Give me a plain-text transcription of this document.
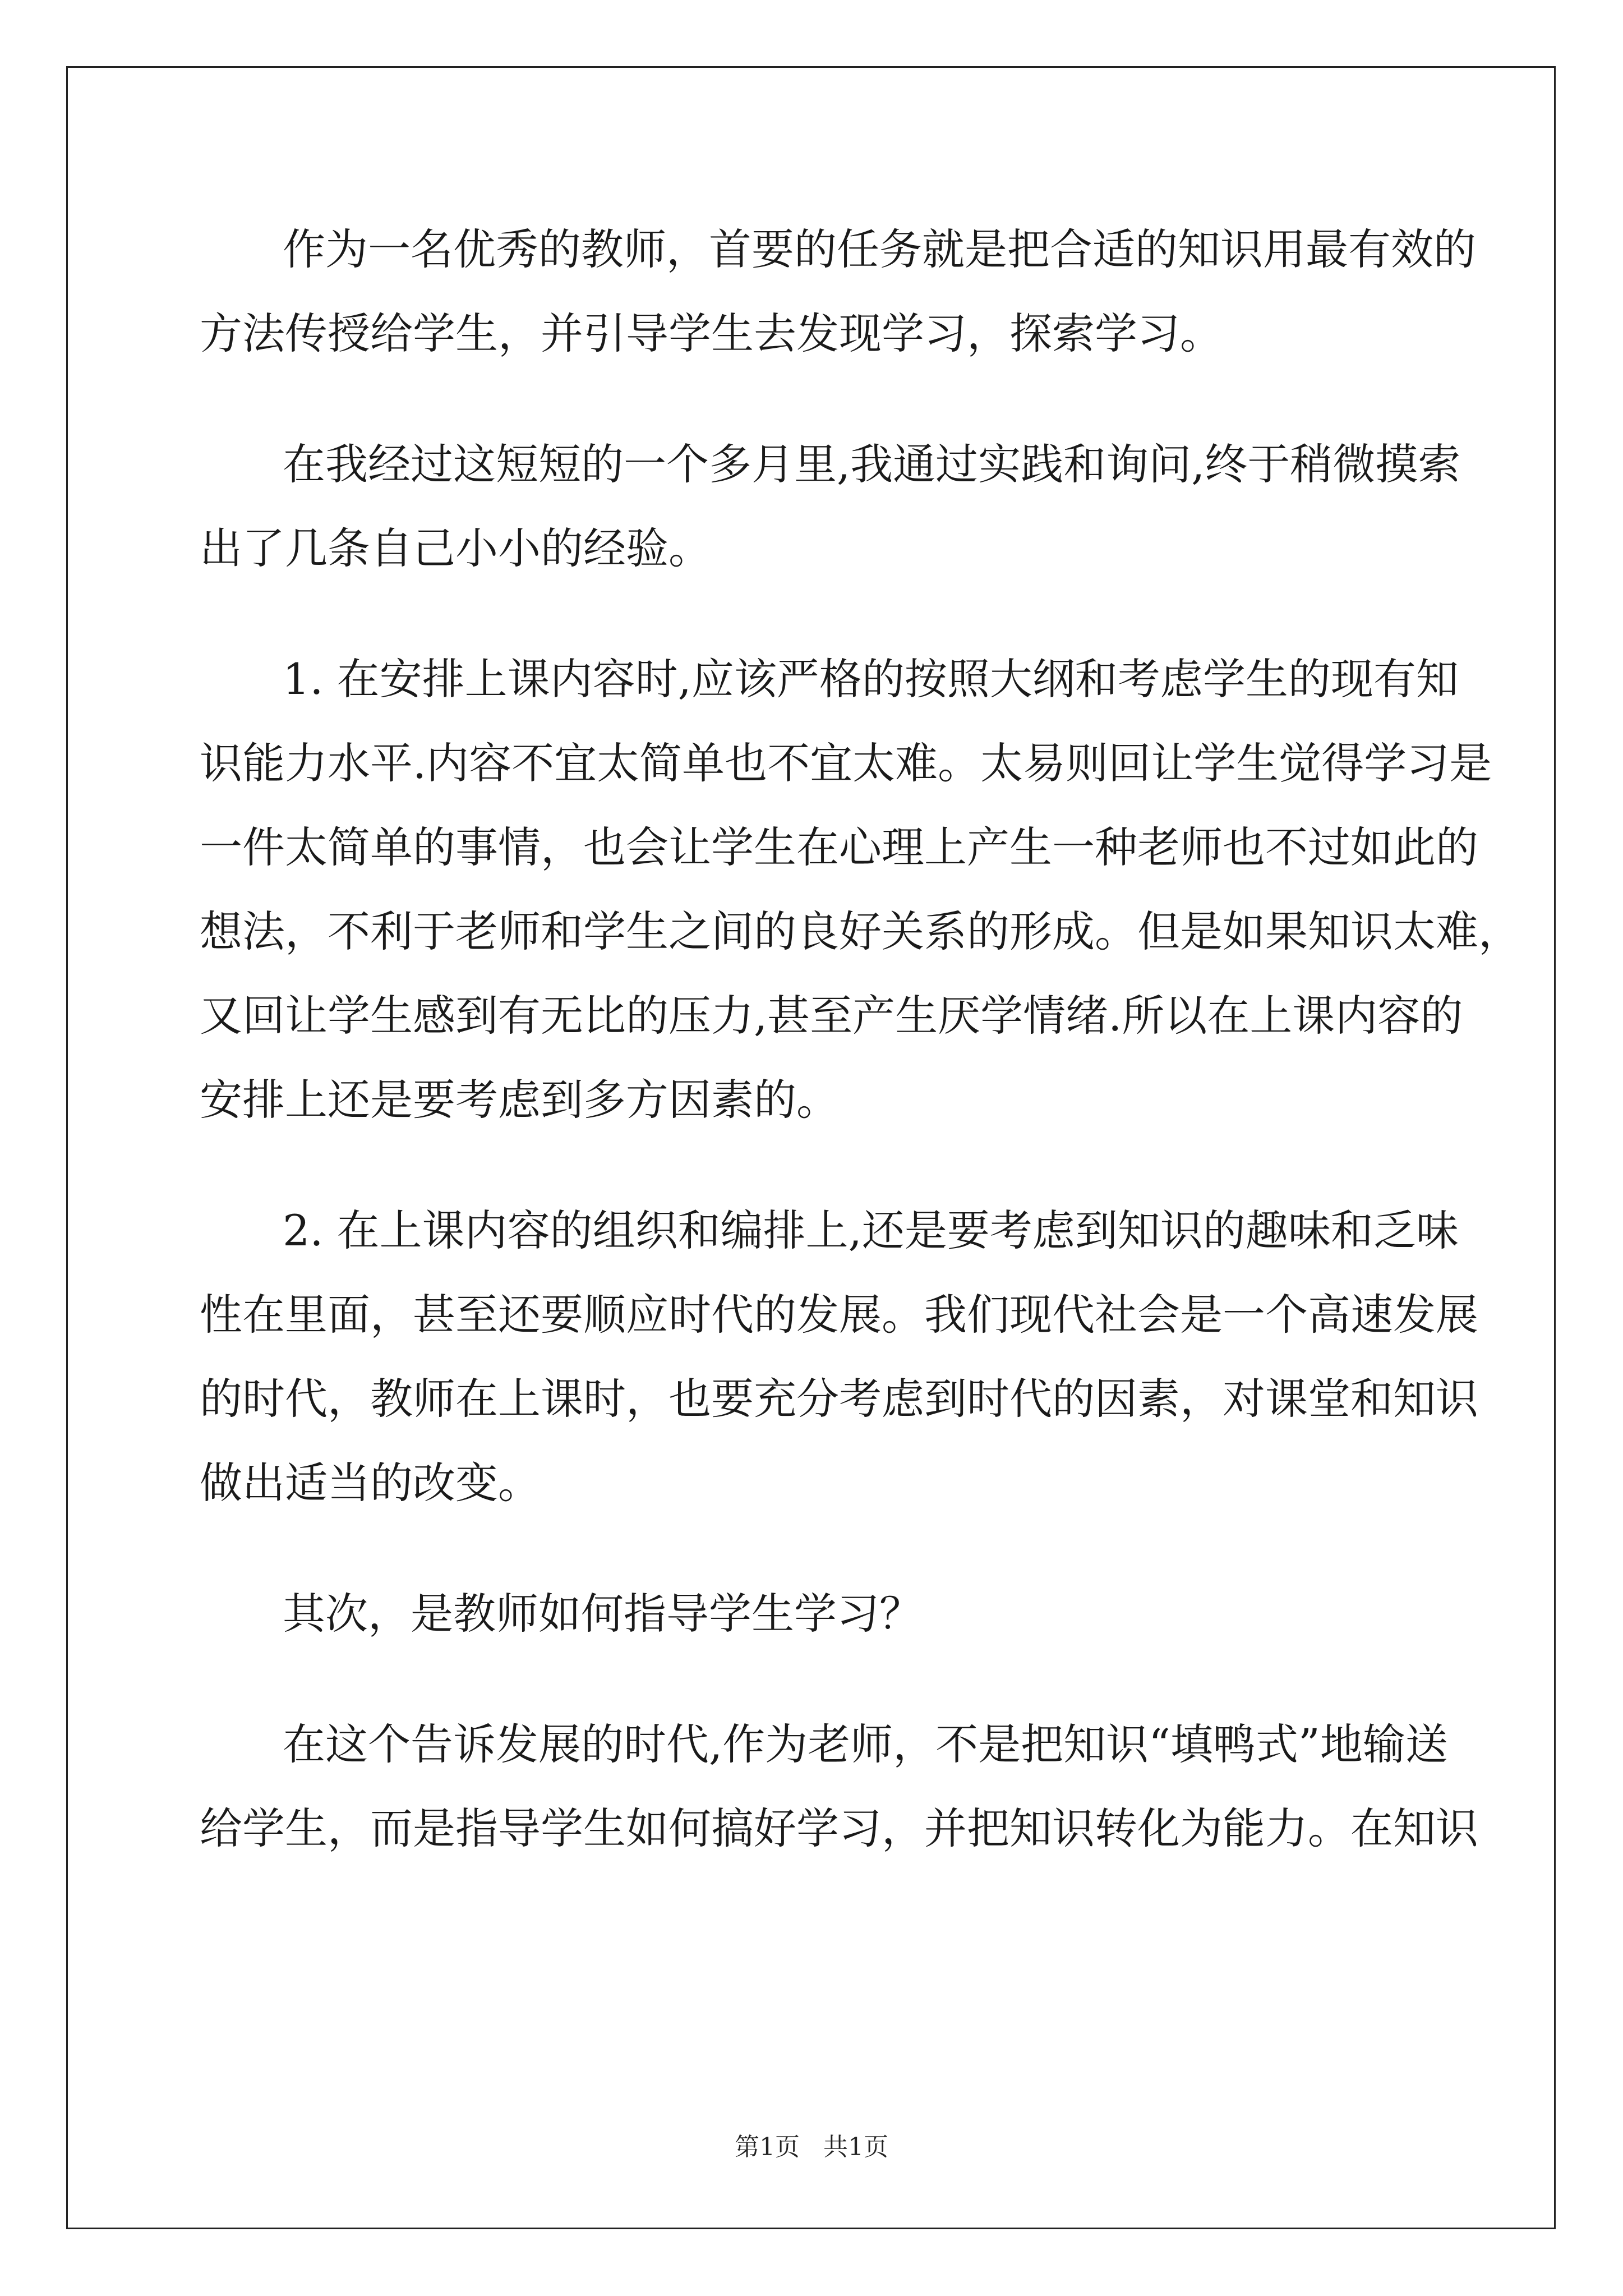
作为一名优秀的教师，首要的任务就是把合适的知识用最有效的
方法传授给学生，并引导学生去发现学习，探索学习。
在我经过这短短的一个多月里,我通过实践和询问,终于稍微摸索
出了几条自己小小的经验。
1. 在安排上课内容时,应该严格的按照大纲和考虑学生的现有知
识能力水平.内容不宜太简单也不宜太难。太易则回让学生觉得学习是
一件太简单的事情，也会让学生在心理上产生一种老师也不过如此的
想法，不利于老师和学生之间的良好关系的形成。但是如果知识太难，
又回让学生感到有无比的压力,甚至产生厌学情绪.所以在上课内容的
安排上还是要考虑到多方因素的。
2. 在上课内容的组织和编排上,还是要考虑到知识的趣味和乏味
性在里面，甚至还要顺应时代的发展。我们现代社会是一个高速发展
的时代，教师在上课时，也要充分考虑到时代的因素，对课堂和知识
做出适当的改变。
其次，是教师如何指导学生学习？
在这个告诉发展的时代,作为老师，不是把知识“填鸭式”地输送
给学生，而是指导学生如何搞好学习，并把知识转化为能力。在知识
第1页   共1页
